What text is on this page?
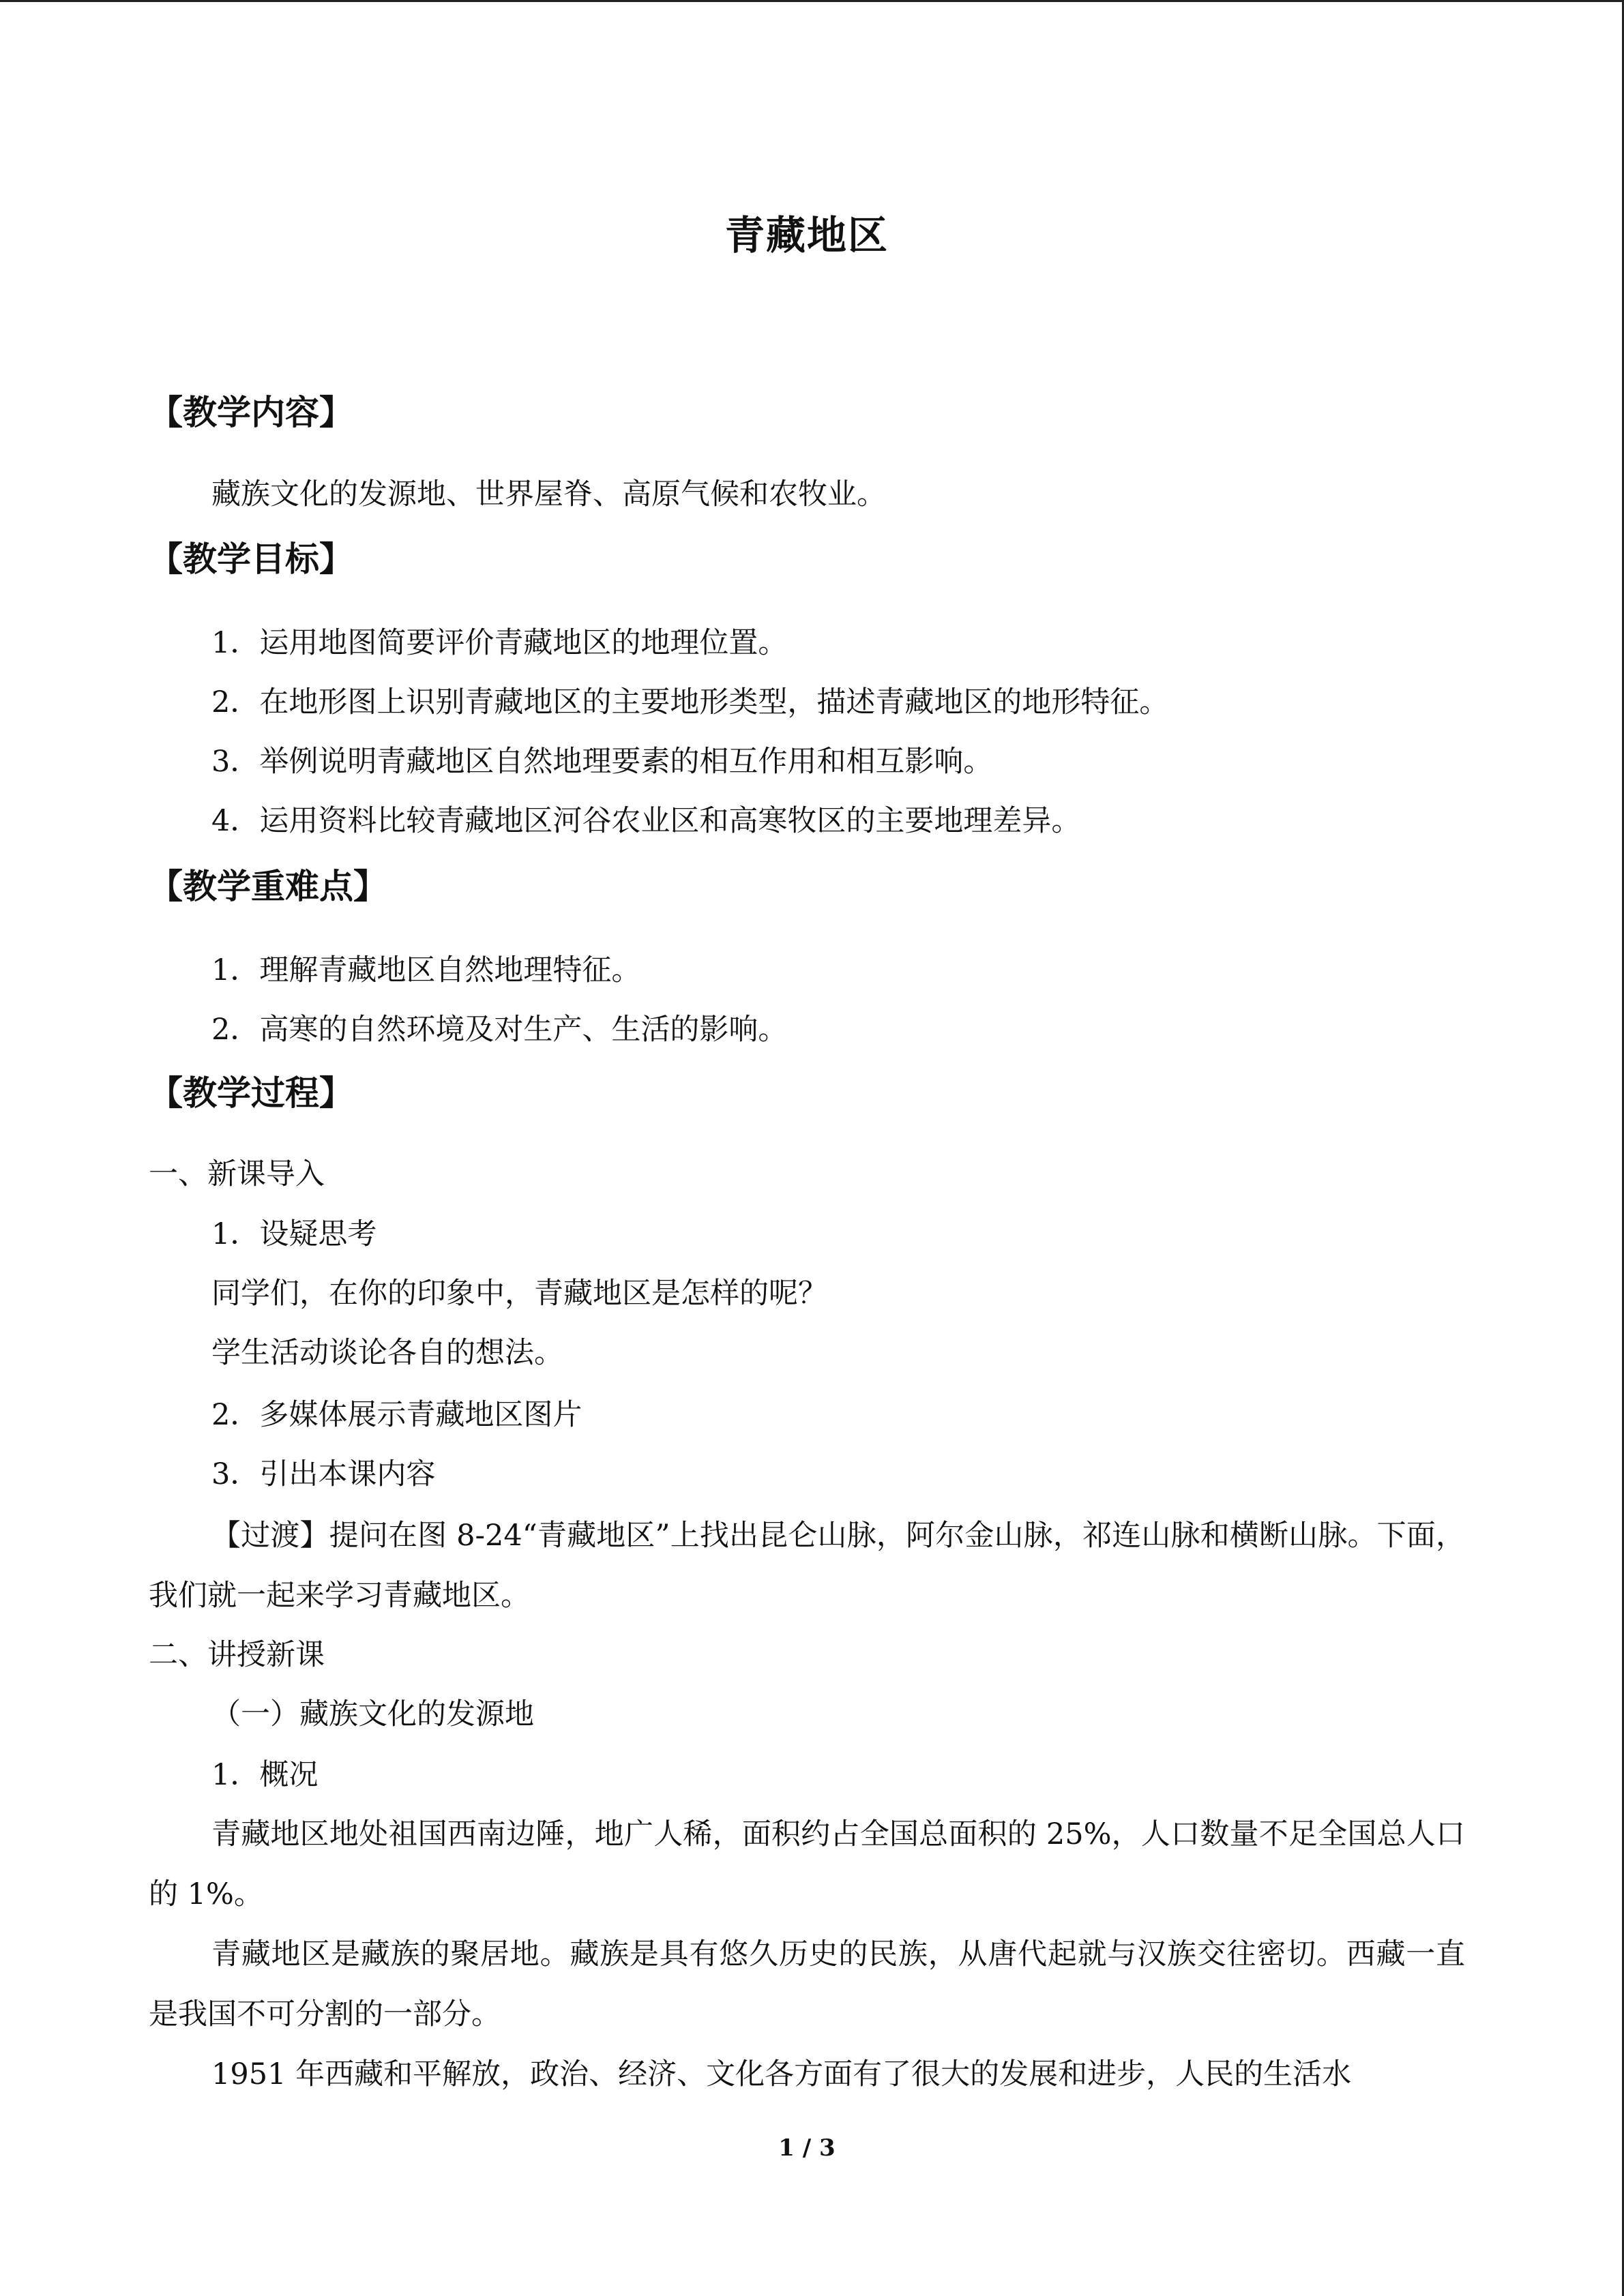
青藏地区
【教学内容】
藏族文化的发源地、世界屋脊、高原气候和农牧业。
【教学目标】
1．运用地图简要评价青藏地区的地理位置。
2．在地形图上识别青藏地区的主要地形类型，描述青藏地区的地形特征。
3．举例说明青藏地区自然地理要素的相互作用和相互影响。
4．运用资料比较青藏地区河谷农业区和高寒牧区的主要地理差异。
【教学重难点】
1．理解青藏地区自然地理特征。
2．高寒的自然环境及对生产、生活的影响。
【教学过程】
一、新课导入
1．设疑思考
同学们，在你的印象中，青藏地区是怎样的呢？
学生活动谈论各自的想法。
2．多媒体展示青藏地区图片
3．引出本课内容
【过渡】提问在图 8-24“青藏地区”上找出昆仑山脉，阿尔金山脉，祁连山脉和横断山脉。下面，我们就一起来学习青藏地区。
二、讲授新课
（一）藏族文化的发源地
1．概况
青藏地区地处祖国西南边陲，地广人稀，面积约占全国总面积的 25%，人口数量不足全国总人口的 1%。
青藏地区是藏族的聚居地。藏族是具有悠久历史的民族，从唐代起就与汉族交往密切。西藏一直是我国不可分割的一部分。
1951 年西藏和平解放，政治、经济、文化各方面有了很大的发展和进步，人民的生活水
1 / 3
